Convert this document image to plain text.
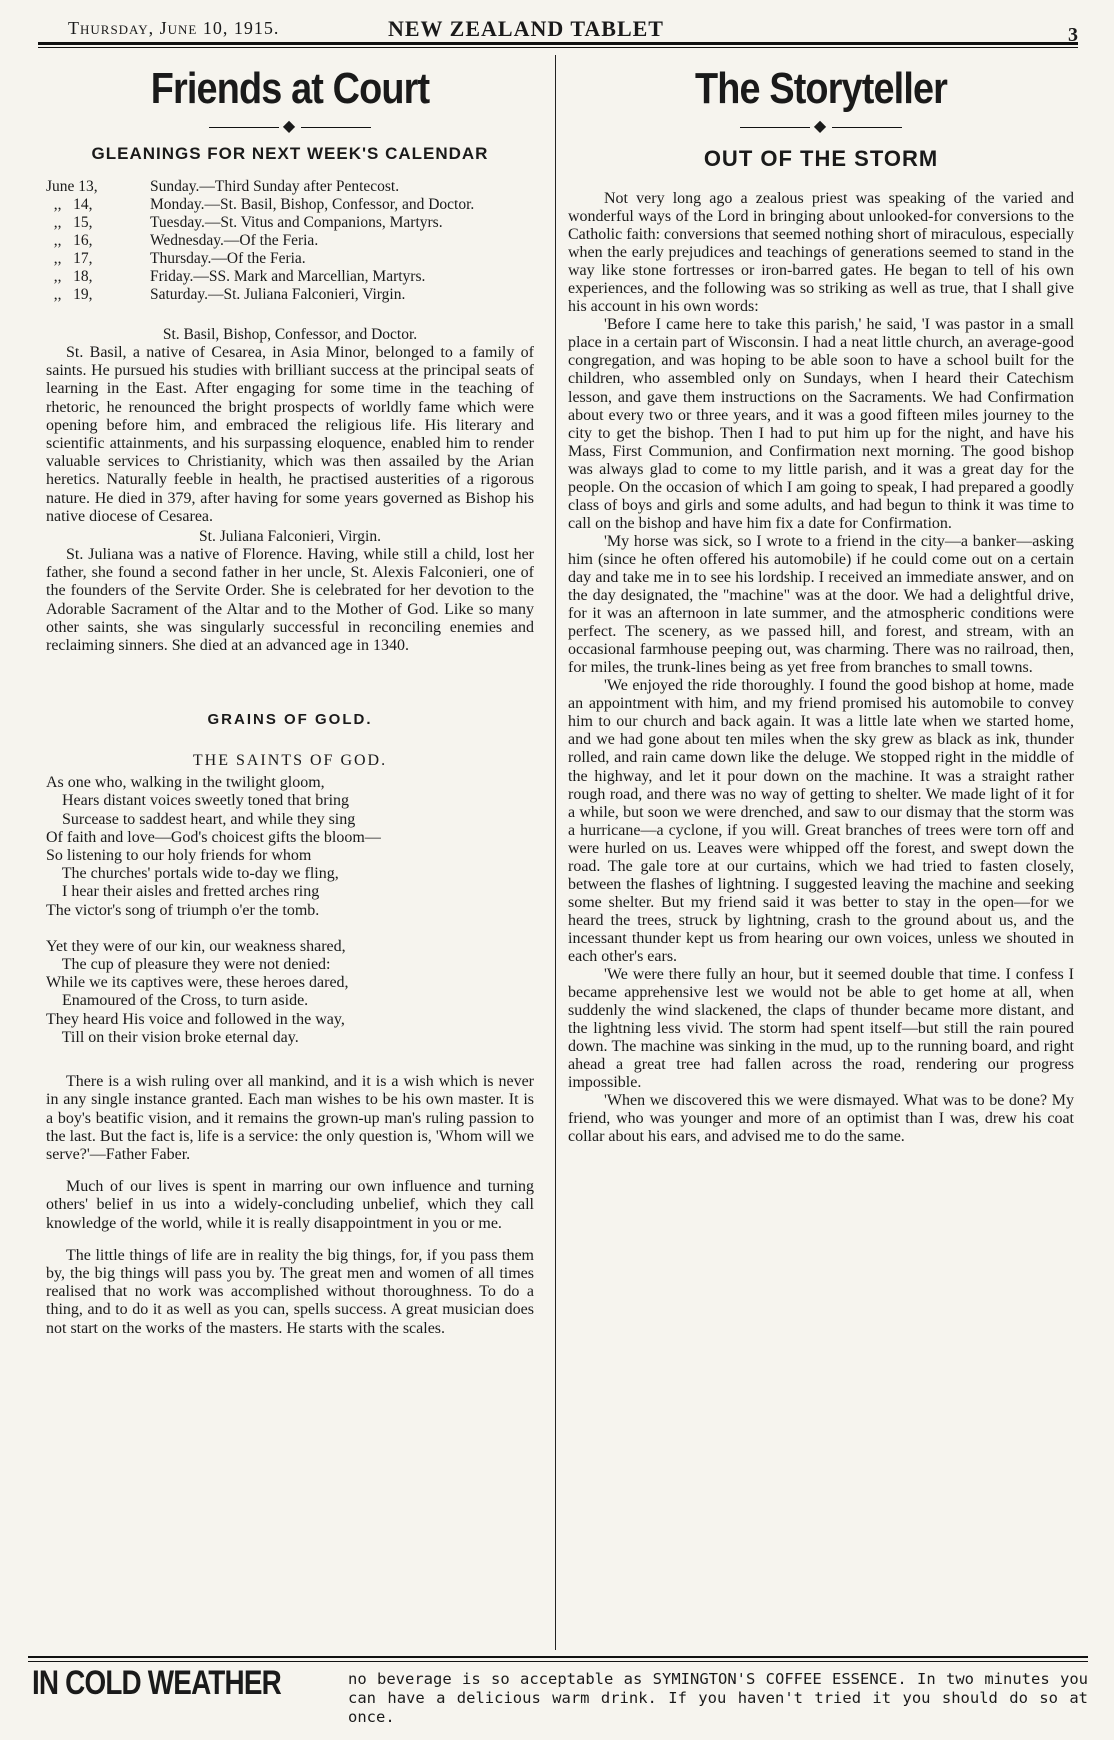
Thursday, June 10, 1915.	NEW ZEALAND TABLET	3
Friends at Court
◆
GLEANINGS FOR NEXT WEEK'S CALENDAR
June 13,	Sunday.—Third Sunday after Pentecost.
,,   14,	Monday.—St. Basil, Bishop, Confessor, and Doctor.
,,   15,	Tuesday.—St. Vitus and Companions, Martyrs.
,,   16,	Wednesday.—Of the Feria.
,,   17,	Thursday.—Of the Feria.
,,   18,	Friday.—SS. Mark and Marcellian, Martyrs.
,,   19,	Saturday.—St. Juliana Falconieri, Virgin.
St. Basil, Bishop, Confessor, and Doctor.

St. Basil, a native of Cesarea, in Asia Minor, belonged to a family of saints. He pursued his studies with brilliant success at the principal seats of learning in the East. After engaging for some time in the teaching of rhetoric, he renounced the bright prospects of worldly fame which were opening before him, and embraced the religious life. His literary and scientific attainments, and his surpassing eloquence, enabled him to render valuable services to Christianity, which was then assailed by the Arian heretics. Naturally feeble in health, he practised austerities of a rigorous nature. He died in 379, after having for some years governed as Bishop his native diocese of Cesarea.

St. Juliana Falconieri, Virgin.

St. Juliana was a native of Florence. Having, while still a child, lost her father, she found a second father in her uncle, St. Alexis Falconieri, one of the founders of the Servite Order. She is celebrated for her devotion to the Adorable Sacrament of the Altar and to the Mother of God. Like so many other saints, she was singularly successful in reconciling enemies and reclaiming sinners. She died at an advanced age in 1340.

GRAINS OF GOLD.
THE SAINTS OF GOD.
As one who, walking in the twilight gloom,
Hears distant voices sweetly toned that bring
Surcease to saddest heart, and while they sing
Of faith and love—God's choicest gifts the bloom—
So listening to our holy friends for whom
The churches' portals wide to-day we fling,
I hear their aisles and fretted arches ring
The victor's song of triumph o'er the tomb.
Yet they were of our kin, our weakness shared,
The cup of pleasure they were not denied:
While we its captives were, these heroes dared,
Enamoured of the Cross, to turn aside.
They heard His voice and followed in the way,
Till on their vision broke eternal day.

There is a wish ruling over all mankind, and it is a wish which is never in any single instance granted. Each man wishes to be his own master. It is a boy's beatific vision, and it remains the grown-up man's ruling passion to the last. But the fact is, life is a service: the only question is, 'Whom will we serve?'—Father Faber.

Much of our lives is spent in marring our own influence and turning others' belief in us into a widely-concluding unbelief, which they call knowledge of the world, while it is really disappointment in you or me.

The little things of life are in reality the big things, for, if you pass them by, the big things will pass you by. The great men and women of all times realised that no work was accomplished without thoroughness. To do a thing, and to do it as well as you can, spells success. A great musician does not start on the works of the masters. He starts with the scales.

The Storyteller
◆
OUT OF THE STORM

Not very long ago a zealous priest was speaking of the varied and wonderful ways of the Lord in bringing about unlooked-for conversions to the Catholic faith: conversions that seemed nothing short of miraculous, especially when the early prejudices and teachings of generations seemed to stand in the way like stone fortresses or iron-barred gates. He began to tell of his own experiences, and the following was so striking as well as true, that I shall give his account in his own words:

'Before I came here to take this parish,' he said, 'I was pastor in a small place in a certain part of Wisconsin. I had a neat little church, an average-good congregation, and was hoping to be able soon to have a school built for the children, who assembled only on Sundays, when I heard their Catechism lesson, and gave them instructions on the Sacraments. We had Confirmation about every two or three years, and it was a good fifteen miles journey to the city to get the bishop. Then I had to put him up for the night, and have his Mass, First Communion, and Confirmation next morning. The good bishop was always glad to come to my little parish, and it was a great day for the people. On the occasion of which I am going to speak, I had prepared a goodly class of boys and girls and some adults, and had begun to think it was time to call on the bishop and have him fix a date for Confirmation.

'My horse was sick, so I wrote to a friend in the city—a banker—asking him (since he often offered his automobile) if he could come out on a certain day and take me in to see his lordship. I received an immediate answer, and on the day designated, the "machine" was at the door. We had a delightful drive, for it was an afternoon in late summer, and the atmospheric conditions were perfect. The scenery, as we passed hill, and forest, and stream, with an occasional farmhouse peeping out, was charming. There was no railroad, then, for miles, the trunk-lines being as yet free from branches to small towns.

'We enjoyed the ride thoroughly. I found the good bishop at home, made an appointment with him, and my friend promised his automobile to convey him to our church and back again. It was a little late when we started home, and we had gone about ten miles when the sky grew as black as ink, thunder rolled, and rain came down like the deluge. We stopped right in the middle of the highway, and let it pour down on the machine. It was a straight rather rough road, and there was no way of getting to shelter. We made light of it for a while, but soon we were drenched, and saw to our dismay that the storm was a hurricane—a cyclone, if you will. Great branches of trees were torn off and were hurled on us. Leaves were whipped off the forest, and swept down the road. The gale tore at our curtains, which we had tried to fasten closely, between the flashes of lightning. I suggested leaving the machine and seeking some shelter. But my friend said it was better to stay in the open—for we heard the trees, struck by lightning, crash to the ground about us, and the incessant thunder kept us from hearing our own voices, unless we shouted in each other's ears.

'We were there fully an hour, but it seemed double that time. I confess I became apprehensive lest we would not be able to get home at all, when suddenly the wind slackened, the claps of thunder became more distant, and the lightning less vivid. The storm had spent itself—but still the rain poured down. The machine was sinking in the mud, up to the running board, and right ahead a great tree had fallen across the road, rendering our progress impossible.

'When we discovered this we were dismayed. What was to be done? My friend, who was younger and more of an optimist than I was, drew his coat collar about his ears, and advised me to do the same.

IN COLD WEATHER	no beverage is so acceptable as SYMINGTON'S COFFEE ESSENCE. In two minutes you can have a delicious warm drink. If you haven't tried it you should do so at once.
